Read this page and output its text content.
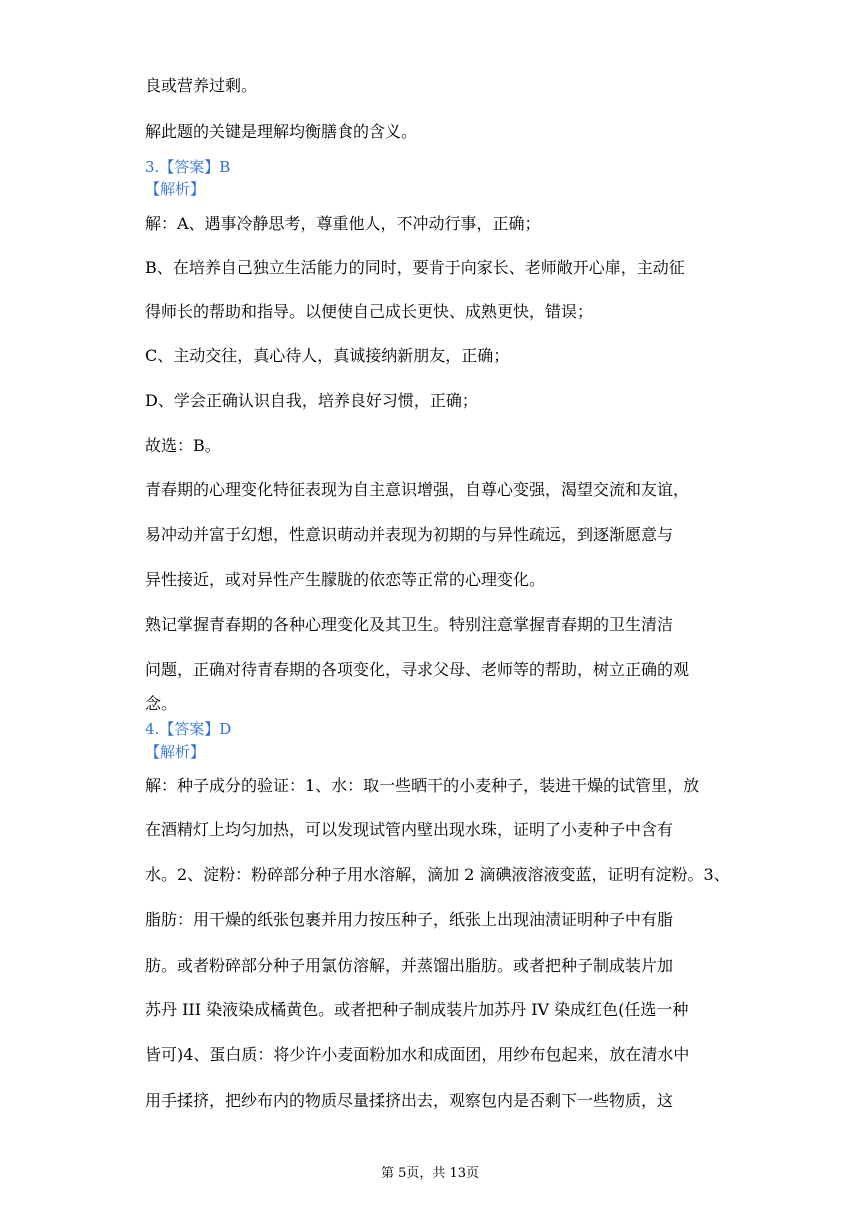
良或营养过剩。
解此题的关键是理解均衡膳食的含义。
3.【答案】B
【解析】
解：A、遇事冷静思考，尊重他人，不冲动行事，正确；
B、在培养自己独立生活能力的同时，要肯于向家长、老师敞开心扉，主动征
得师长的帮助和指导。以便使自己成长更快、成熟更快，错误；
C、主动交往，真心待人，真诚接纳新朋友，正确；
D、学会正确认识自我，培养良好习惯，正确；
故选：B。
青春期的心理变化特征表现为自主意识增强，自尊心变强，渴望交流和友谊，
易冲动并富于幻想，性意识萌动并表现为初期的与异性疏远，到逐渐愿意与
异性接近，或对异性产生朦胧的依恋等正常的心理变化。
熟记掌握青春期的各种心理变化及其卫生。特别注意掌握青春期的卫生清洁
问题，正确对待青春期的各项变化，寻求父母、老师等的帮助，树立正确的观
念。
4.【答案】D
【解析】
解：种子成分的验证：1、水：取一些晒干的小麦种子，装进干燥的试管里，放
在酒精灯上均匀加热，可以发现试管内壁出现水珠，证明了小麦种子中含有
水。2、淀粉：粉碎部分种子用水溶解，滴加 2 滴碘液溶液变蓝，证明有淀粉。3、
脂肪：用干燥的纸张包裹并用力按压种子，纸张上出现油渍证明种子中有脂
肪。或者粉碎部分种子用氯仿溶解，并蒸馏出脂肪。或者把种子制成装片加
苏丹 III 染液染成橘黄色。或者把种子制成装片加苏丹 IV 染成红色(任选一种
皆可)4、蛋白质：将少许小麦面粉加水和成面团，用纱布包起来，放在清水中
用手揉挤，把纱布内的物质尽量揉挤出去，观察包内是否剩下一些物质，这
第 5页，共 13页
